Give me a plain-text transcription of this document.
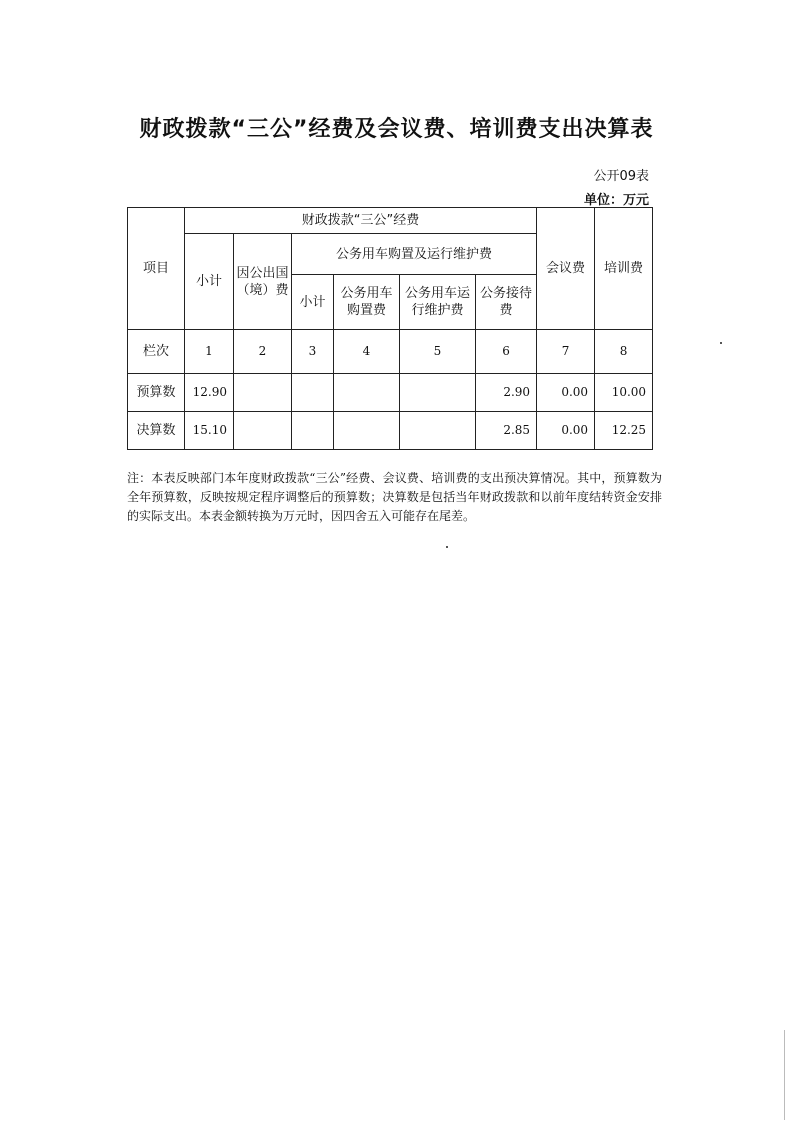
财政拨款“三公”经费及会议费、培训费支出决算表
公开09表
单位：万元
项目	财政拨款“三公”经费						会议费	培训费
	小计	因公出国（境）费	公务用车购置及运行维护费					
			小计	公务用车购置费	公务用车运行维护费	公务接待费		
栏次	1	2	3	4	5	6	7	8
预算数	12.90					2.90	0.00	10.00
决算数	15.10					2.85	0.00	12.25
注：本表反映部门本年度财政拨款“三公”经费、会议费、培训费的支出预决算情况。其中，预算数为全年预算数，反映按规定程序调整后的预算数；决算数是包括当年财政拨款和以前年度结转资金安排的实际支出。本表金额转换为万元时，因四舍五入可能存在尾差。
